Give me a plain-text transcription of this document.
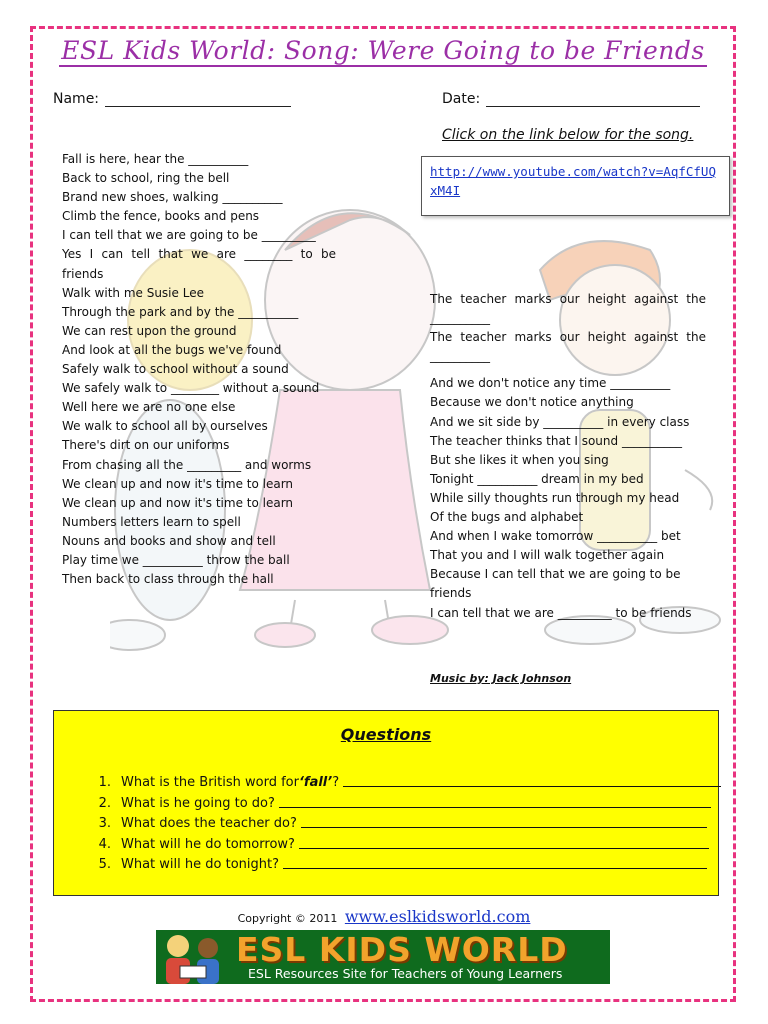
ESL Kids World: Song: Were Going to be Friends
Name:	Date:
Click on the link below for the song.
http://www.youtube.com/watch?v=AqfCfUQxM4I
Fall is here, hear the __________
Back to school, ring the bell
Brand new shoes, walking __________
Climb the fence, books and pens
I can tell that we are going to be _________
Yes I can tell that we are ________ to be friends
Walk with me Susie Lee
Through the park and by the __________
We can rest upon the ground
And look at all the bugs we've found
Safely walk to school without a sound
We safely walk to ________ without a sound
Well here we are no one else
We walk to school all by ourselves
There's dirt on our uniforms
From chasing all the _________ and worms
We clean up and now it's time to learn
We clean up and now it's time to learn
Numbers letters learn to spell
Nouns and books and show and tell
Play time we __________ throw the ball
Then back to class through the hall
The teacher marks our height against the __________
The teacher marks our height against the __________
And we don't notice any time __________
Because we don't notice anything
And we sit side by __________ in every class
The teacher thinks that I sound __________
But she likes it when you sing
Tonight __________ dream in my bed
While silly thoughts run through my head
Of the bugs and alphabet
And when I wake tomorrow __________ bet
That you and I will walk together again
Because I can tell that we are going to be friends
I can tell that we are _________ to be friends
Music by: Jack Johnson
Questions
1. What is the British word for ‘fall’ ?
2. What is he going to do?
3. What does the teacher do?
4. What will he do tomorrow?
5. What will he do tonight?
Copyright © 2011 www.eslkidsworld.com
ESL KIDS WORLD
ESL Resources Site for Teachers of Young Learners
